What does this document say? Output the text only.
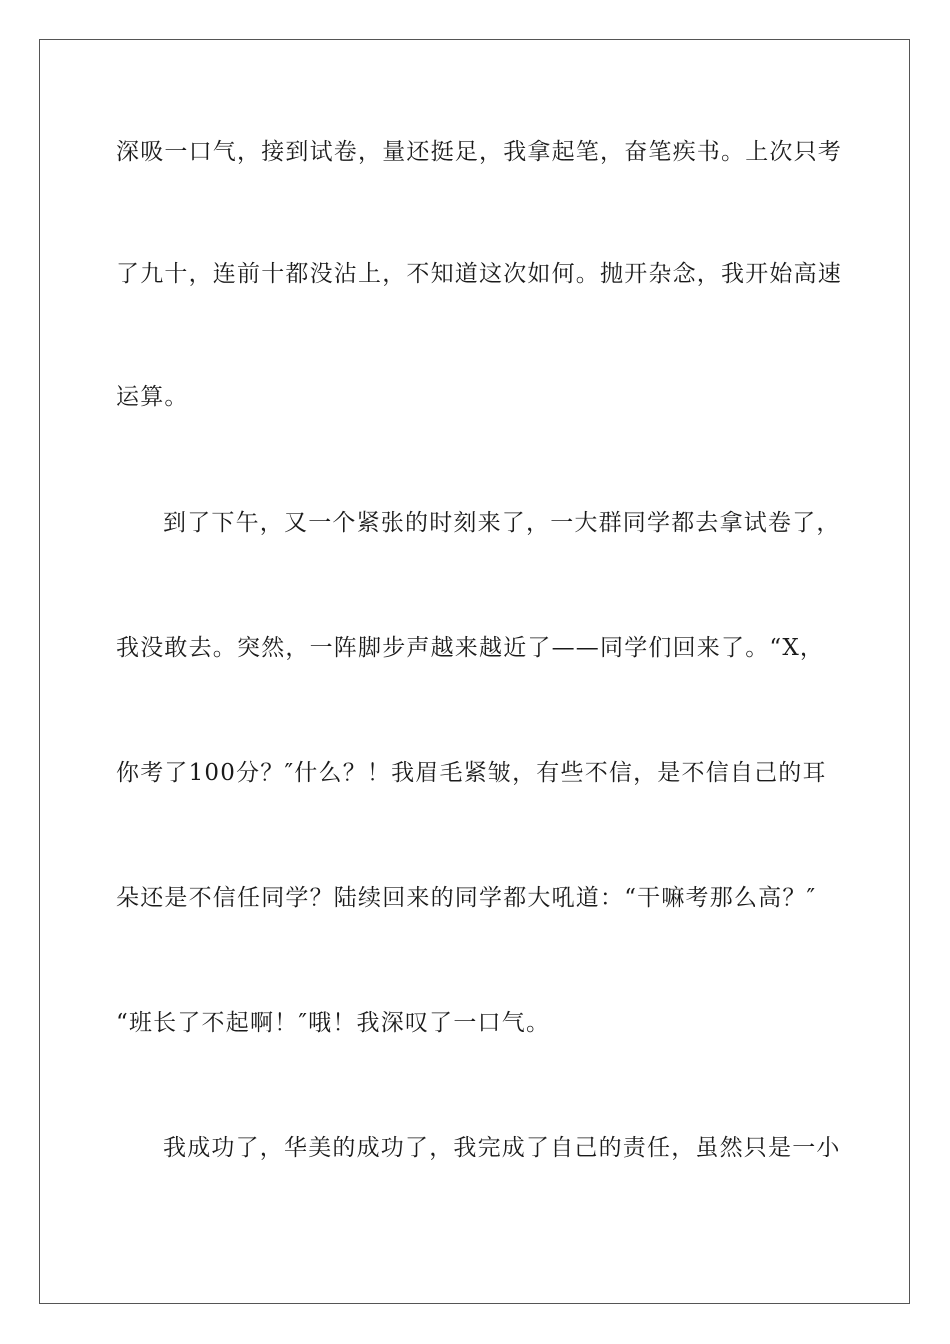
深吸一口气，接到试卷，量还挺足，我拿起笔，奋笔疾书。上次只考
了九十，连前十都没沾上，不知道这次如何。抛开杂念，我开始高速
运算。
到了下午，又一个紧张的时刻来了，一大群同学都去拿试卷了，
我没敢去。突然，一阵脚步声越来越近了——同学们回来了。“X，
你考了100分？″什么？！我眉毛紧皱，有些不信，是不信自己的耳
朵还是不信任同学？陆续回来的同学都大吼道：“干嘛考那么高？″
“班长了不起啊！″哦！我深叹了一口气。
我成功了，华美的成功了，我完成了自己的责任，虽然只是一小
